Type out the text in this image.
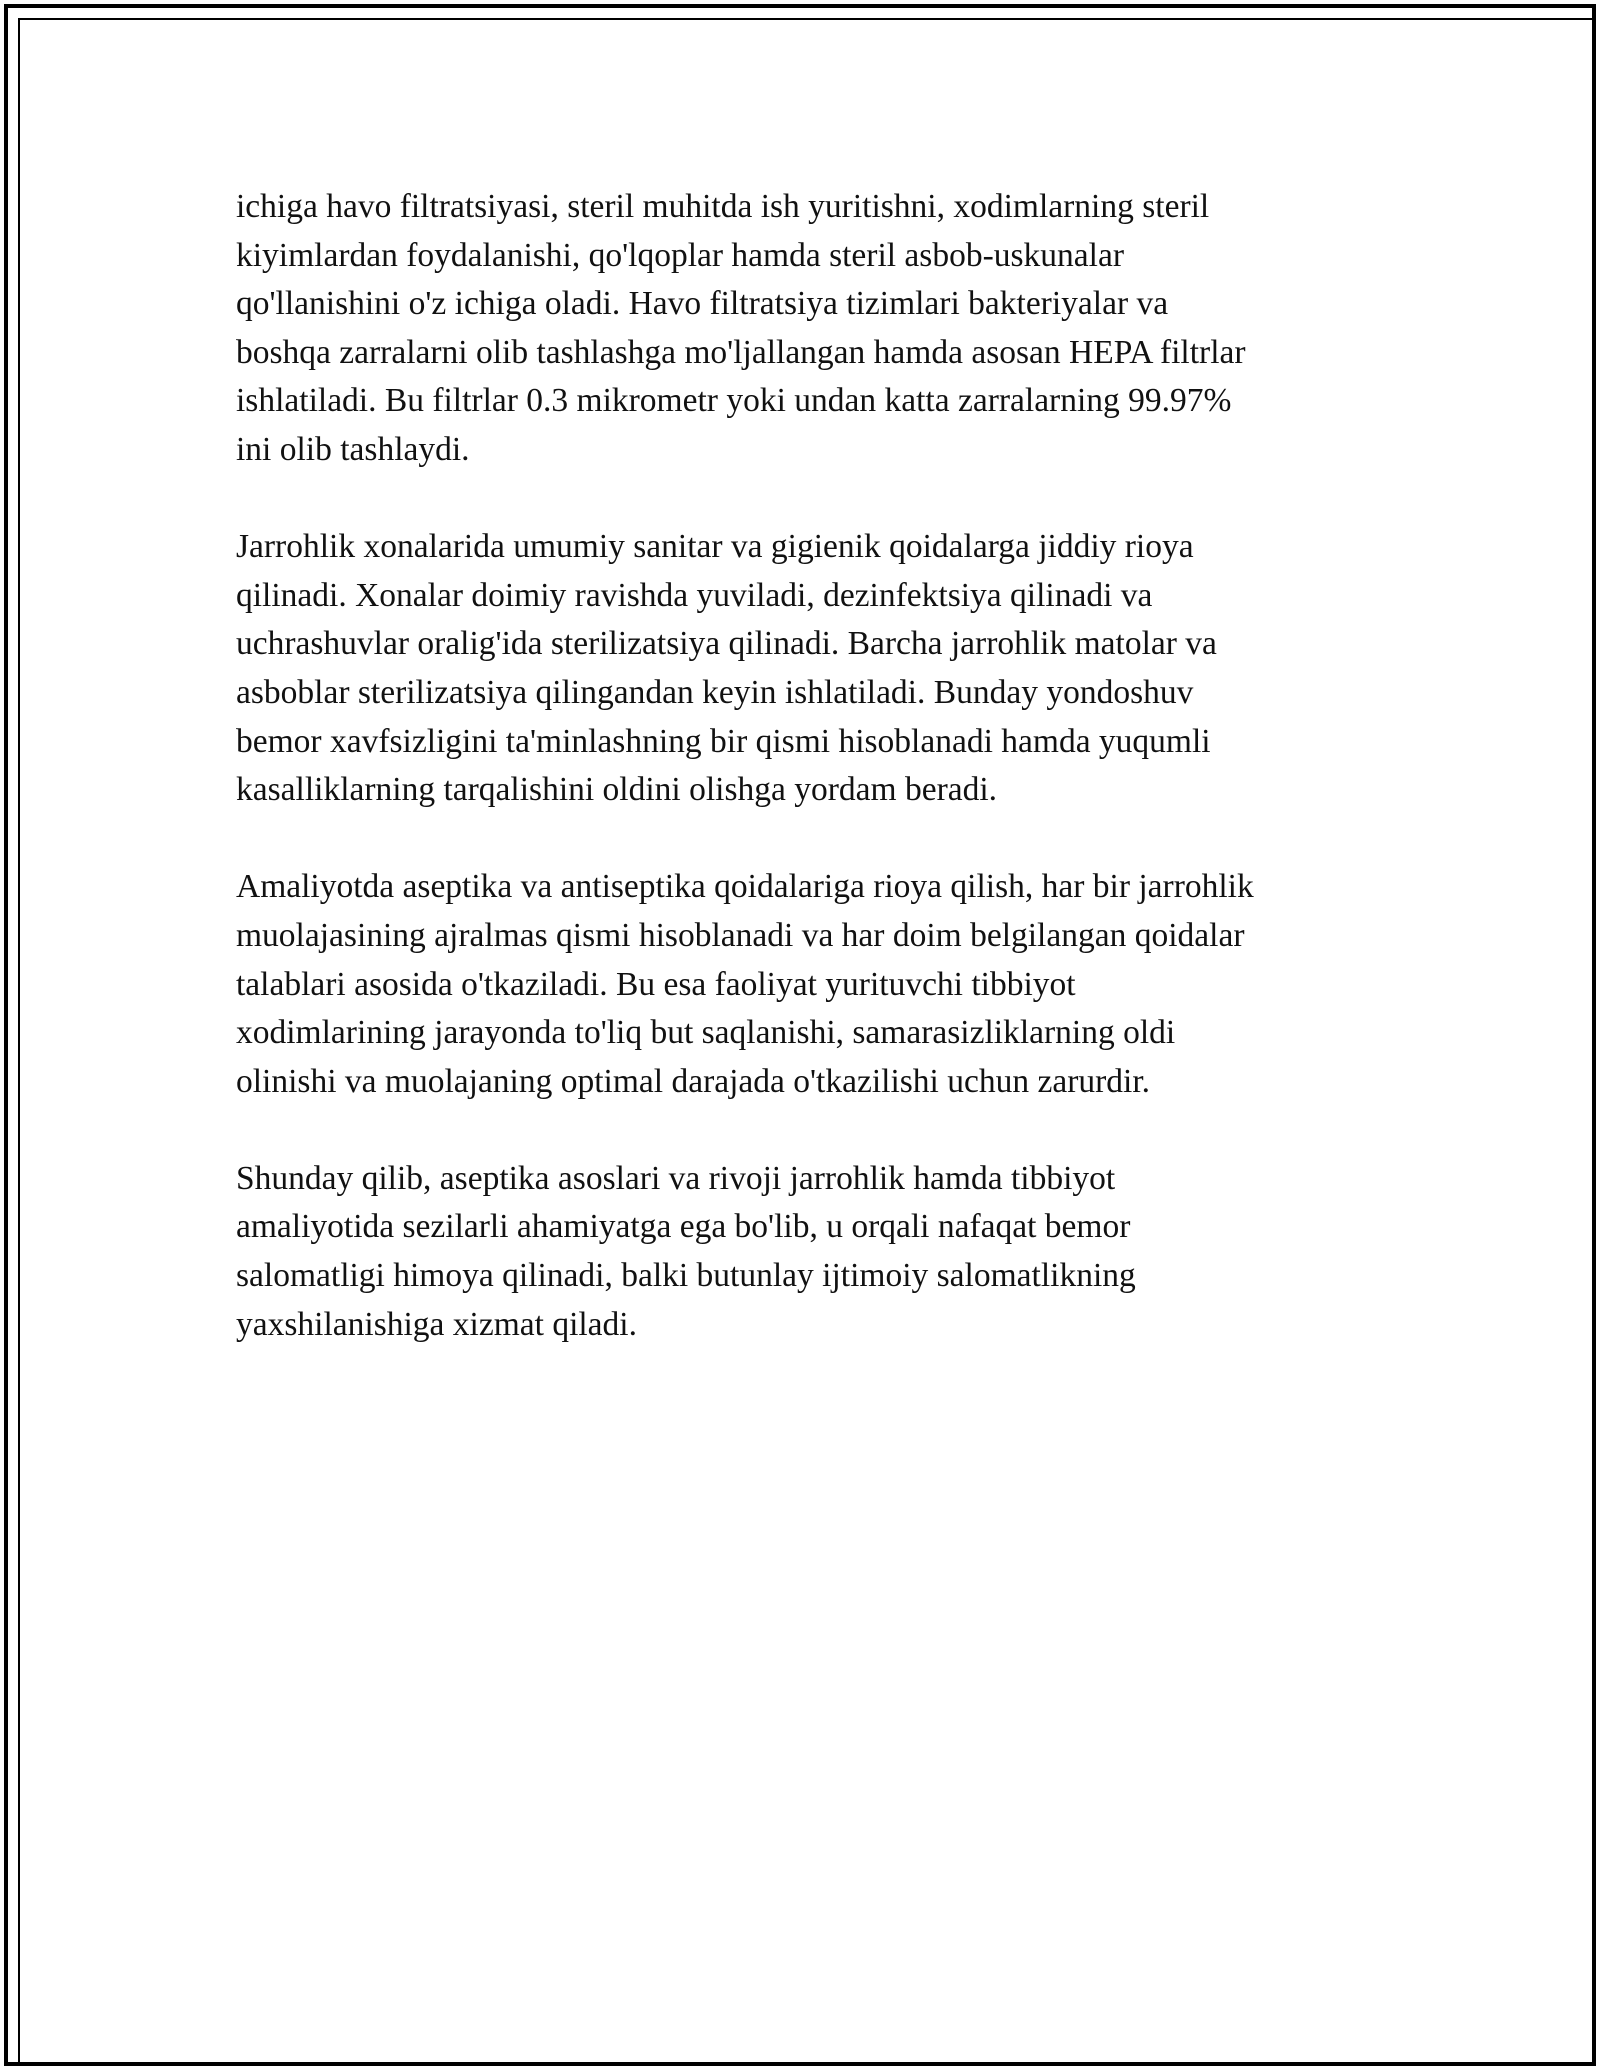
ichiga havo filtratsiyasi, steril muhitda ish yuritishni, xodimlarning steril
kiyimlardan foydalanishi, qo'lqoplar hamda steril asbob-uskunalar
qo'llanishini o'z ichiga oladi. Havo filtratsiya tizimlari bakteriyalar va
boshqa zarralarni olib tashlashga mo'ljallangan hamda asosan HEPA filtrlar
ishlatiladi. Bu filtrlar 0.3 mikrometr yoki undan katta zarralarning 99.97%
ini olib tashlaydi.

Jarrohlik xonalarida umumiy sanitar va gigienik qoidalarga jiddiy rioya
qilinadi. Xonalar doimiy ravishda yuviladi, dezinfektsiya qilinadi va
uchrashuvlar oralig'ida sterilizatsiya qilinadi. Barcha jarrohlik matolar va
asboblar sterilizatsiya qilingandan keyin ishlatiladi. Bunday yondoshuv
bemor xavfsizligini ta'minlashning bir qismi hisoblanadi hamda yuqumli
kasalliklarning tarqalishini oldini olishga yordam beradi.

Amaliyotda aseptika va antiseptika qoidalariga rioya qilish, har bir jarrohlik
muolajasining ajralmas qismi hisoblanadi va har doim belgilangan qoidalar
talablari asosida o'tkaziladi. Bu esa faoliyat yurituvchi tibbiyot
xodimlarining jarayonda to'liq but saqlanishi, samarasizliklarning oldi
olinishi va muolajaning optimal darajada o'tkazilishi uchun zarurdir.

Shunday qilib, aseptika asoslari va rivoji jarrohlik hamda tibbiyot
amaliyotida sezilarli ahamiyatga ega bo'lib, u orqali nafaqat bemor
salomatligi himoya qilinadi, balki butunlay ijtimoiy salomatlikning
yaxshilanishiga xizmat qiladi.
